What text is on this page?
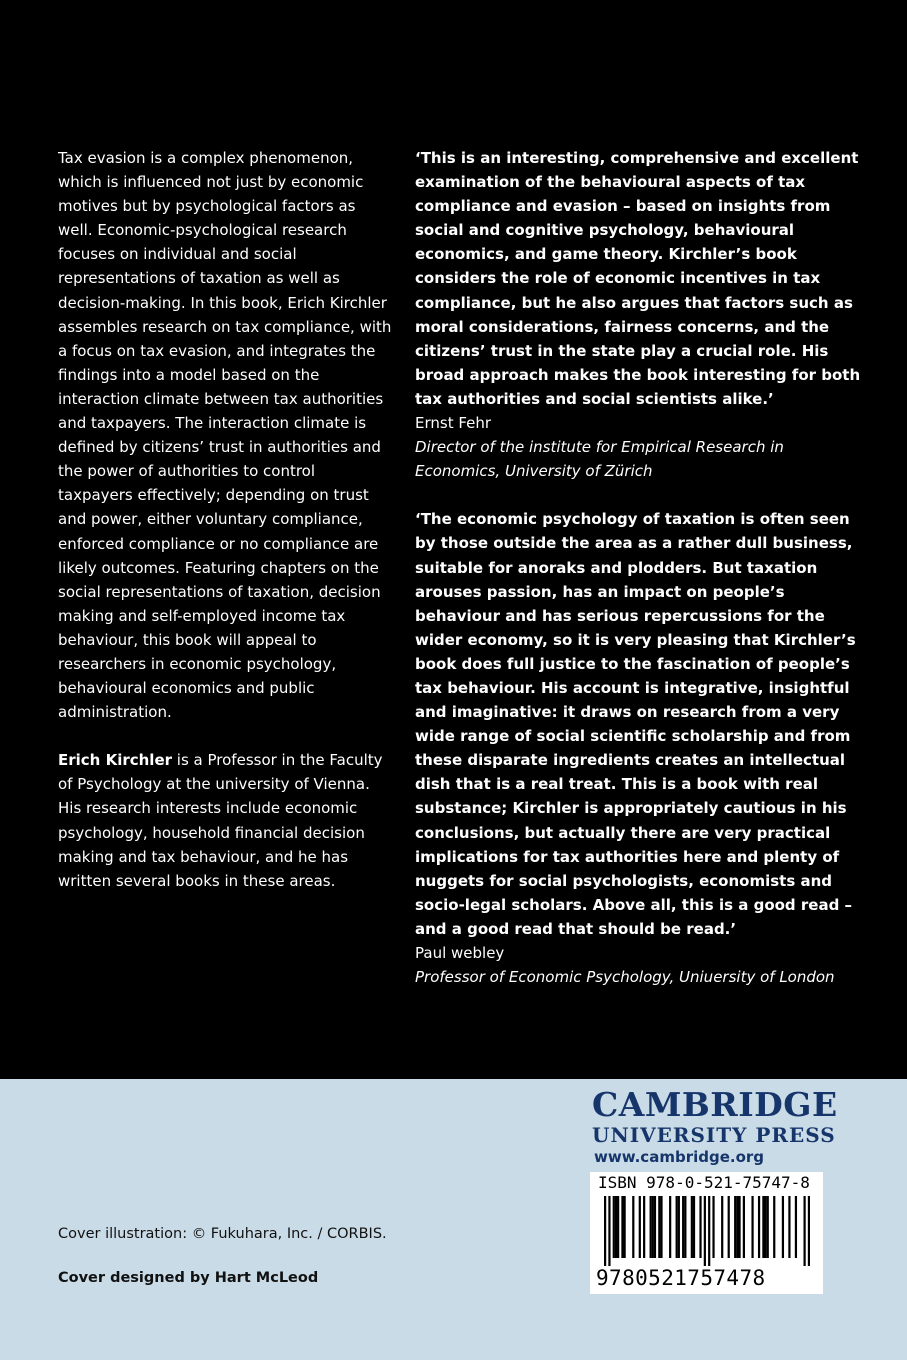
Tax evasion is a complex phenomenon, which is influenced not just by economic motives but by psychological factors as well. Economic-psychological research focuses on individual and social representations of taxation as well as decision-making. In this book, Erich Kirchler assembles research on tax compliance, with a focus on tax evasion, and integrates the findings into a model based on the interaction climate between tax authorities and taxpayers. The interaction climate is defined by citizens’ trust in authorities and the power of authorities to control taxpayers effectively; depending on trust and power, either voluntary compliance, enforced compliance or no compliance are likely outcomes. Featuring chapters on the social representations of taxation, decision making and self-employed income tax behaviour, this book will appeal to researchers in economic psychology, behavioural economics and public administration.

Erich Kirchler is a Professor in the Faculty of Psychology at the university of Vienna. His research interests include economic psychology, household financial decision making and tax behaviour, and he has written several books in these areas.

‘This is an interesting, comprehensive and excellent examination of the behavioural aspects of tax compliance and evasion – based on insights from social and cognitive psychology, behavioural economics, and game theory. Kirchler’s book considers the role of economic incentives in tax compliance, but he also argues that factors such as moral considerations, fairness concerns, and the citizens’ trust in the state play a crucial role. His broad approach makes the book interesting for both tax authorities and social scientists alike.’

Ernst Fehr

Director of the institute for Empirical Research in Economics, University of Zürich

‘The economic psychology of taxation is often seen by those outside the area as a rather dull business, suitable for anoraks and plodders. But taxation arouses passion, has an impact on people’s behaviour and has serious repercussions for the wider economy, so it is very pleasing that Kirchler’s book does full justice to the fascination of people’s tax behaviour. His account is integrative, insightful and imaginative: it draws on research from a very wide range of social scientific scholarship and from these disparate ingredients creates an intellectual dish that is a real treat. This is a book with real substance; Kirchler is appropriately cautious in his conclusions, but actually there are very practical implications for tax authorities here and plenty of nuggets for social psychologists, economists and socio-legal scholars. Above all, this is a good read – and a good read that should be read.’

Paul webley

Professor of Economic Psychology, Uniuersity of London

Cover illustration: © Fukuhara, Inc. / CORBIS.
Cover designed by Hart McLeod
CAMBRIDGE
UNIVERSITY PRESS
www.cambridge.org
ISBN 978-0-521-75747-8
9780521757478
